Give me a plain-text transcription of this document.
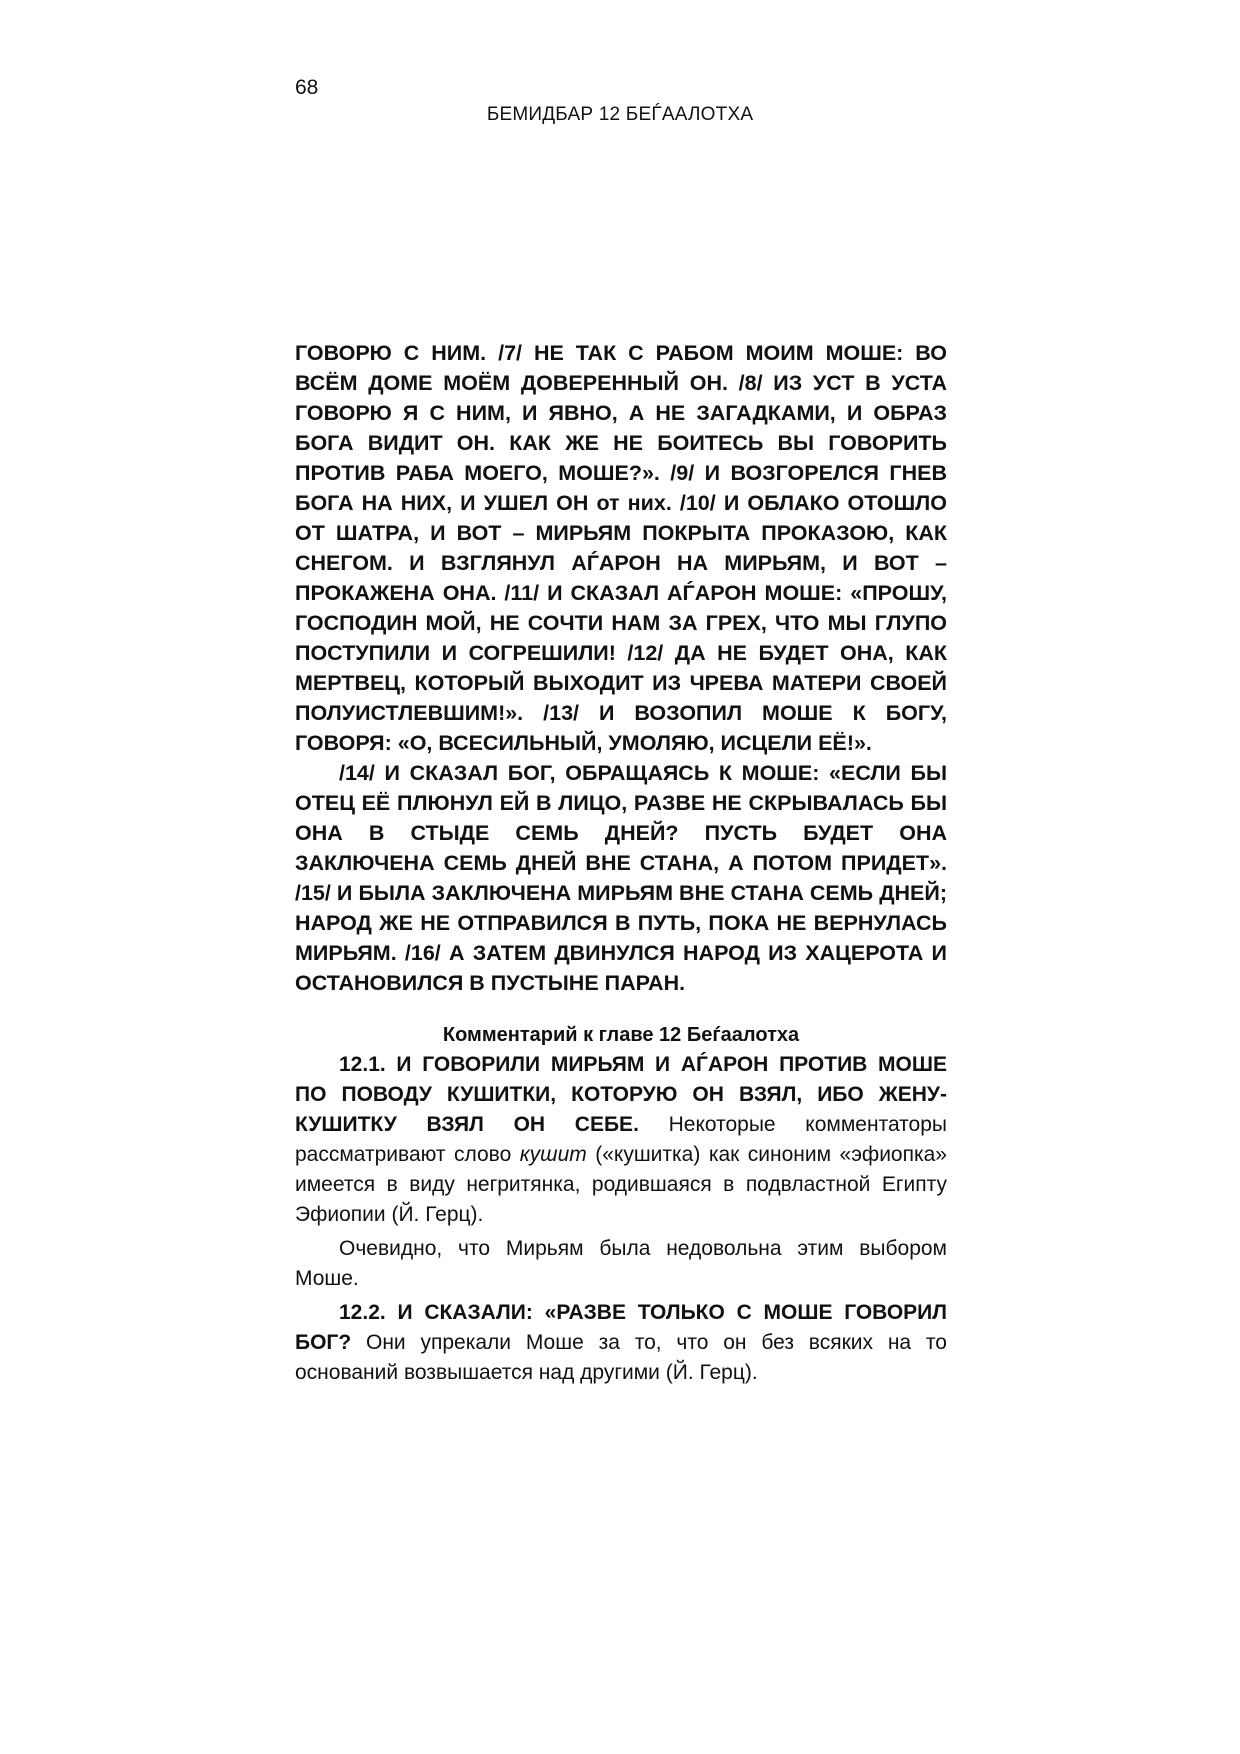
68
БЕМИДБАР 12 БЕЃААЛОТХА

ГОВОРЮ С НИМ. /7/ НЕ ТАК С РАБОМ МОИМ МОШЕ: ВО ВСЁМ ДОМЕ МОЁМ ДОВЕРЕННЫЙ ОН. /8/ ИЗ УСТ В УСТА ГОВОРЮ Я С НИМ, И ЯВНО, А НЕ ЗАГАДКАМИ, И ОБРАЗ БОГА ВИДИТ ОН. КАК ЖЕ НЕ БОИТЕСЬ ВЫ ГОВОРИТЬ ПРОТИВ РАБА МОЕГО, МОШЕ?». /9/ И ВОЗГОРЕЛСЯ ГНЕВ БОГА НА НИХ, И УШЕЛ ОН от них. /10/ И ОБЛАКО ОТОШЛО ОТ ШАТРА, И ВОТ – МИРЬЯМ ПОКРЫТА ПРОКАЗОЮ, КАК СНЕГОМ. И ВЗГЛЯНУЛ АЃАРОН НА МИРЬЯМ, И ВОТ – ПРОКАЖЕНА ОНА. /11/ И СКАЗАЛ АЃАРОН МОШЕ: «ПРОШУ, ГОСПОДИН МОЙ, НЕ СОЧТИ НАМ ЗА ГРЕХ, ЧТО МЫ ГЛУПО ПОСТУПИЛИ И СОГРЕШИЛИ! /12/ ДА НЕ БУДЕТ ОНА, КАК МЕРТВЕЦ, КОТОРЫЙ ВЫХОДИТ ИЗ ЧРЕВА МАТЕРИ СВОЕЙ ПОЛУИСТЛЕВШИМ!». /13/ И ВОЗОПИЛ МОШЕ К БОГУ, ГОВОРЯ: «О, ВСЕСИЛЬНЫЙ, УМОЛЯЮ, ИСЦЕЛИ ЕЁ!».

/14/ И СКАЗАЛ БОГ, ОБРАЩАЯСЬ К МОШЕ: «ЕСЛИ БЫ ОТЕЦ ЕЁ ПЛЮНУЛ ЕЙ В ЛИЦО, РАЗВЕ НЕ СКРЫВАЛАСЬ БЫ ОНА В СТЫДЕ СЕМЬ ДНЕЙ? ПУСТЬ БУДЕТ ОНА ЗАКЛЮЧЕНА СЕМЬ ДНЕЙ ВНЕ СТАНА, А ПОТОМ ПРИДЕТ». /15/ И БЫЛА ЗАКЛЮЧЕНА МИРЬЯМ ВНЕ СТАНА СЕМЬ ДНЕЙ; НАРОД ЖЕ НЕ ОТПРАВИЛСЯ В ПУТЬ, ПОКА НЕ ВЕРНУЛАСЬ МИРЬЯМ. /16/ А ЗАТЕМ ДВИНУЛСЯ НАРОД ИЗ ХАЦЕРОТА И ОСТАНОВИЛСЯ В ПУСТЫНЕ ПАРАН.

Комментарий к главе 12 Беѓаалотха

12.1. И ГОВОРИЛИ МИРЬЯМ И АЃАРОН ПРОТИВ МОШЕ ПО ПОВОДУ КУШИТКИ, КОТОРУЮ ОН ВЗЯЛ, ИБО ЖЕНУ-КУШИТКУ ВЗЯЛ ОН СЕБЕ. Некоторые комментаторы рассматривают слово кушит («кушитка) как синоним «эфиопка» имеется в виду негритянка, родившаяся в подвластной Египту Эфиопии (Й. Герц).

Очевидно, что Мирьям была недовольна этим выбором Моше.

12.2. И СКАЗАЛИ: «РАЗВЕ ТОЛЬКО С МОШЕ ГОВОРИЛ БОГ? Они упрекали Моше за то, что он без всяких на то оснований возвышается над другими (Й. Герц).
